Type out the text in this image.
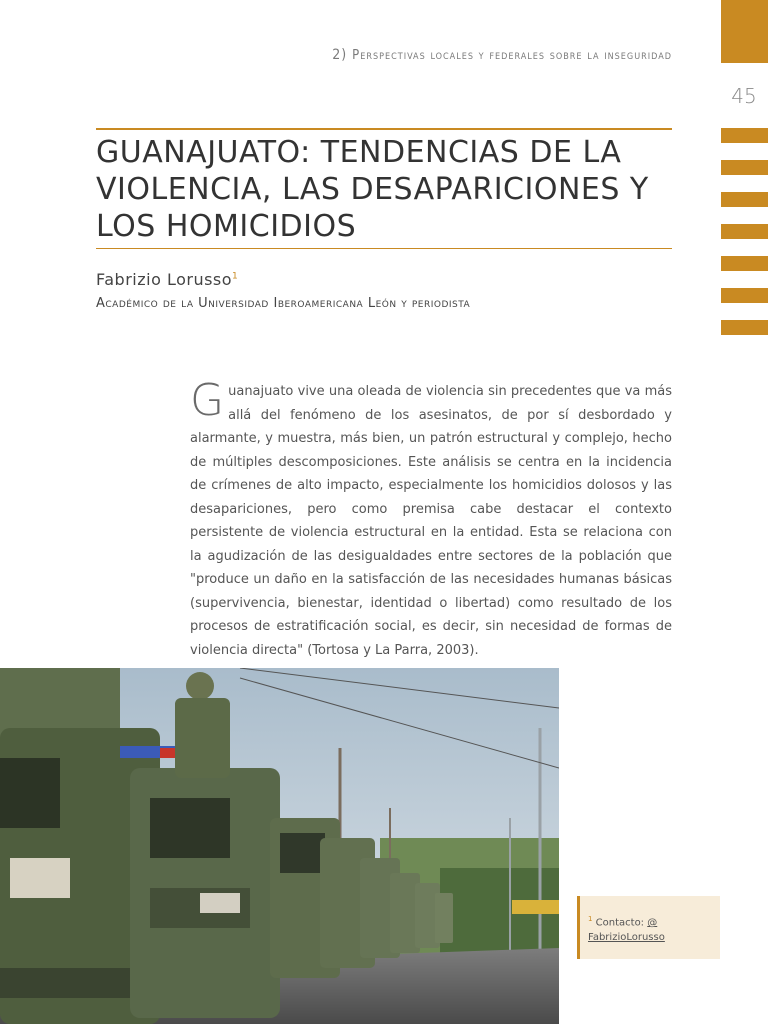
45
2) Perspectivas locales y federales sobre la inseguridad
GUANAJUATO: TENDENCIAS DE LA VIOLENCIA, LAS DESAPARICIONES Y LOS HOMICIDIOS
Fabrizio Lorusso$^1$
Académico de la Universidad Iberoamericana León y periodista

Guanajuato vive una oleada de violencia sin precedentes que va más allá del fenómeno de los asesinatos, de por sí desbordado y alarmante, y muestra, más bien, un patrón estructural y complejo, hecho de múltiples descomposiciones. Este análisis se centra en la incidencia de crímenes de alto impacto, especialmente los homicidios dolosos y las desapariciones, pero como premisa cabe destacar el contexto persistente de violencia estructural en la entidad. Esta se relaciona con la agudización de las desigualdades entre sectores de la población que "produce un daño en la satisfacción de las necesidades humanas básicas (supervivencia, bienestar, identidad o libertad) como resultado de los procesos de estratificación social, es decir, sin necesidad de formas de violencia directa" (Tortosa y La Parra, 2003).

$^1$ Contacto: @ FabrizioLorusso
